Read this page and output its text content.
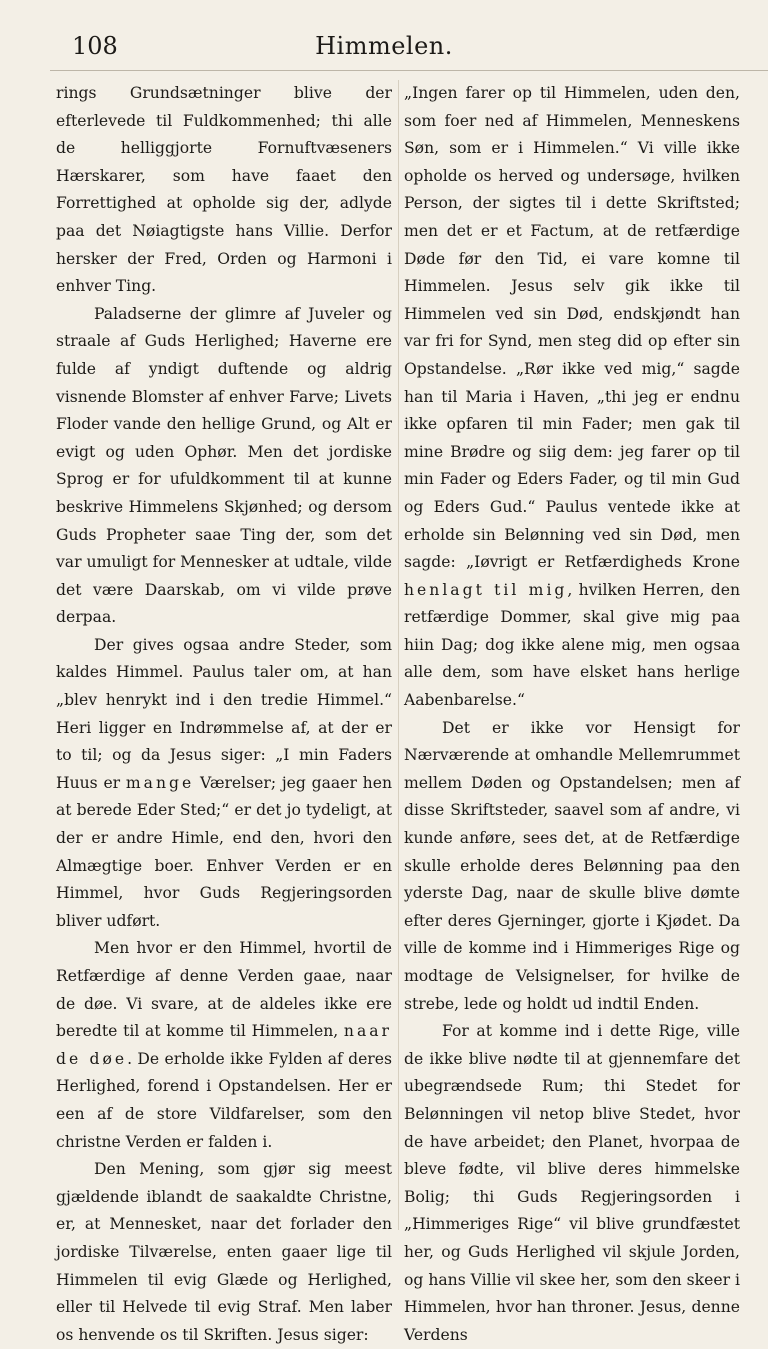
108	Himmelen.

rings Grundsætninger blive der efterlevede til Fuldkommenhed; thi alle de helliggjorte Fornuftvæseners Hærskarer, som have faaet den Forrettighed at opholde sig der, adlyde paa det Nøiagtigste hans Villie. Derfor hersker der Fred, Orden og Harmoni i enhver Ting.

Paladserne der glimre af Juveler og straale af Guds Herlighed; Haverne ere fulde af yndigt duftende og aldrig visnende Blomster af enhver Farve; Livets Floder vande den hellige Grund, og Alt er evigt og uden Ophør. Men det jordiske Sprog er for ufuldkomment til at kunne beskrive Himmelens Skjønhed; og dersom Guds Propheter saae Ting der, som det var umuligt for Mennesker at udtale, vilde det være Daarskab, om vi vilde prøve derpaa.

Der gives ogsaa andre Steder, som kaldes Himmel. Paulus taler om, at han „blev henrykt ind i den tredie Himmel.“ Heri ligger en Indrømmelse af, at der er to til; og da Jesus siger: „I min Faders Huus er mange Værelser; jeg gaaer hen at berede Eder Sted;“ er det jo tydeligt, at der er andre Himle, end den, hvori den Almægtige boer. Enhver Verden er en Himmel, hvor Guds Regjeringsorden bliver udført.

Men hvor er den Himmel, hvortil de Retfærdige af denne Verden gaae, naar de døe. Vi svare, at de aldeles ikke ere beredte til at komme til Himmelen, naar de døe. De erholde ikke Fylden af deres Herlighed, forend i Opstandelsen. Her er een af de store Vildfarelser, som den christne Verden er falden i.

Den Mening, som gjør sig meest gjældende iblandt de saakaldte Christne, er, at Mennesket, naar det forlader den jordiske Tilværelse, enten gaaer lige til Himmelen til evig Glæde og Herlighed, eller til Helvede til evig Straf. Men laber os henvende os til Skriften. Jesus siger:

„Ingen farer op til Himmelen, uden den, som foer ned af Himmelen, Menneskens Søn, som er i Himmelen.“ Vi ville ikke opholde os herved og undersøge, hvilken Person, der sigtes til i dette Skriftsted; men det er et Factum, at de retfærdige Døde før den Tid, ei vare komne til Himmelen. Jesus selv gik ikke til Himmelen ved sin Død, endskjøndt han var fri for Synd, men steg did op efter sin Opstandelse. „Rør ikke ved mig,“ sagde han til Maria i Haven, „thi jeg er endnu ikke opfaren til min Fader; men gak til mine Brødre og siig dem: jeg farer op til min Fader og Eders Fader, og til min Gud og Eders Gud.“ Paulus ventede ikke at erholde sin Belønning ved sin Død, men sagde: „Iøvrigt er Retfærdigheds Krone henlagt til mig, hvilken Herren, den retfærdige Dommer, skal give mig paa hiin Dag; dog ikke alene mig, men ogsaa alle dem, som have elsket hans herlige Aabenbarelse.“

Det er ikke vor Hensigt for Nærværende at omhandle Mellemrummet mellem Døden og Opstandelsen; men af disse Skriftsteder, saavel som af andre, vi kunde anføre, sees det, at de Retfærdige skulle erholde deres Belønning paa den yderste Dag, naar de skulle blive dømte efter deres Gjerninger, gjorte i Kjødet. Da ville de komme ind i Himmeriges Rige og modtage de Velsignelser, for hvilke de strebe, lede og holdt ud indtil Enden.

For at komme ind i dette Rige, ville de ikke blive nødte til at gjennemfare det ubegrændsede Rum; thi Stedet for Belønningen vil netop blive Stedet, hvor de have arbeidet; den Planet, hvorpaa de bleve fødte, vil blive deres himmelske Bolig; thi Guds Regjeringsorden i „Himmeriges Rige“ vil blive grundfæstet her, og Guds Herlighed vil skjule Jorden, og hans Villie vil skee her, som den skeer i Himmelen, hvor han throner. Jesus, denne Verdens
